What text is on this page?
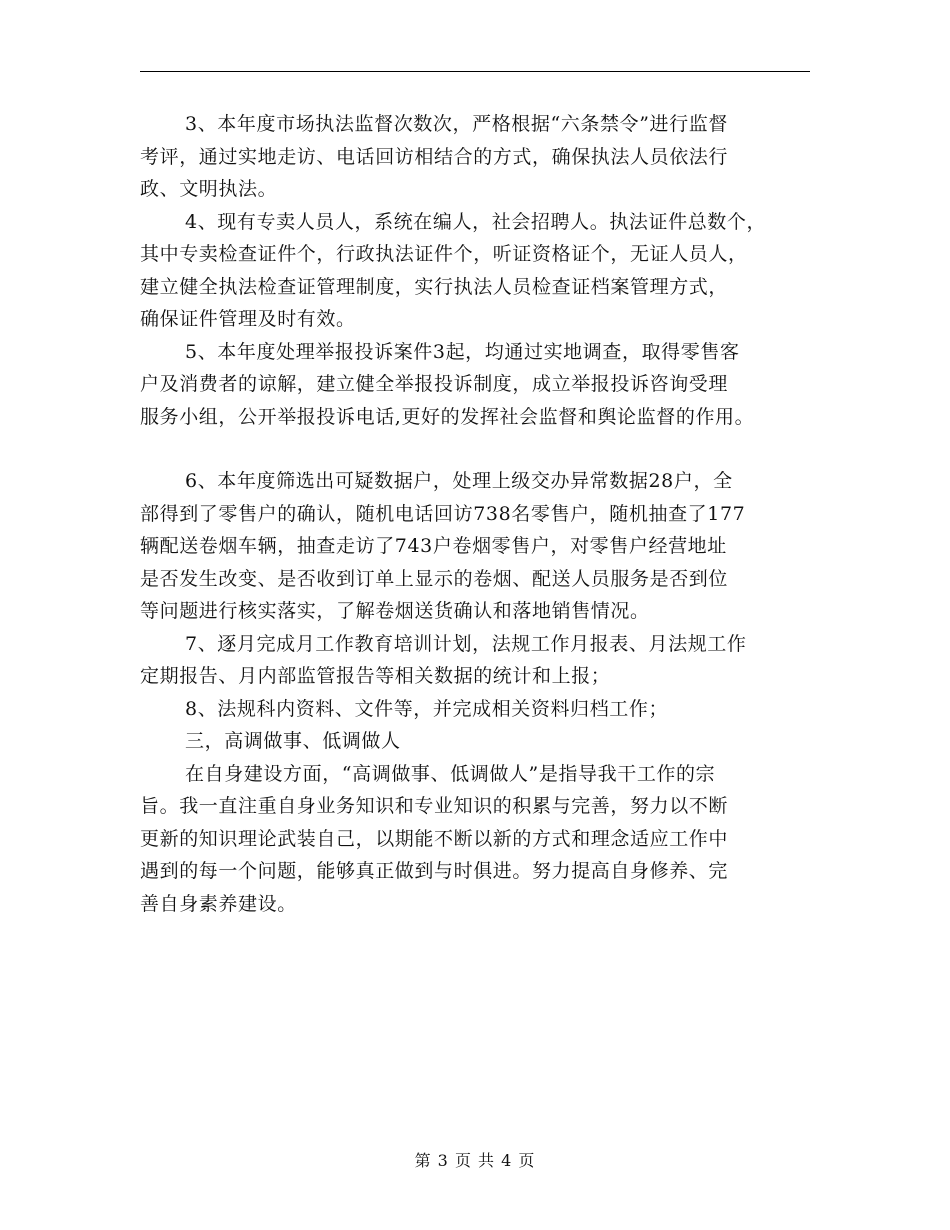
3、本年度市场执法监督次数次，严格根据“六条禁令”进行监督
考评，通过实地走访、电话回访相结合的方式，确保执法人员依法行
政、文明执法。
4、现有专卖人员人，系统在编人，社会招聘人。执法证件总数个，
其中专卖检查证件个，行政执法证件个，听证资格证个，无证人员人，
建立健全执法检查证管理制度，实行执法人员检查证档案管理方式，
确保证件管理及时有效。
5、本年度处理举报投诉案件3起，均通过实地调查，取得零售客
户及消费者的谅解，建立健全举报投诉制度，成立举报投诉咨询受理
服务小组，公开举报投诉电话,更好的发挥社会监督和舆论监督的作用。
6、本年度筛选出可疑数据户，处理上级交办异常数据28户，全
部得到了零售户的确认，随机电话回访738名零售户，随机抽查了177
辆配送卷烟车辆，抽查走访了743户卷烟零售户，对零售户经营地址
是否发生改变、是否收到订单上显示的卷烟、配送人员服务是否到位
等问题进行核实落实，了解卷烟送货确认和落地销售情况。
7、逐月完成月工作教育培训计划，法规工作月报表、月法规工作
定期报告、月内部监管报告等相关数据的统计和上报；
8、法规科内资料、文件等，并完成相关资料归档工作；
三，高调做事、低调做人
在自身建设方面，“高调做事、低调做人”是指导我干工作的宗
旨。我一直注重自身业务知识和专业知识的积累与完善，努力以不断
更新的知识理论武装自己，以期能不断以新的方式和理念适应工作中
遇到的每一个问题，能够真正做到与时俱进。努力提高自身修养、完
善自身素养建设。
第 3 页 共 4 页
